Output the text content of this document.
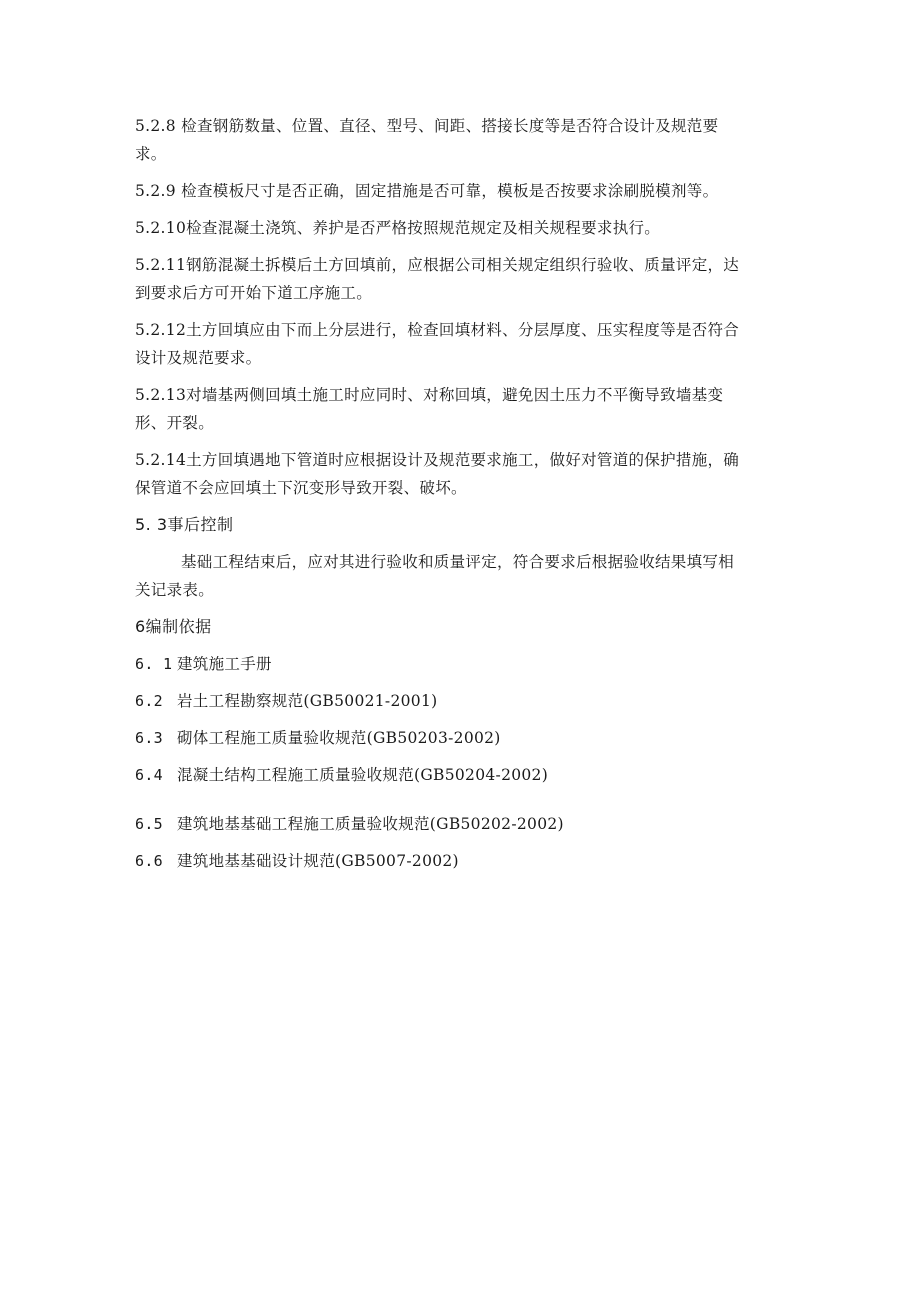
5.2.8 检查钢筋数量、位置、直径、型号、间距、搭接长度等是否符合设计及规范要
求。
5.2.9 检查模板尺寸是否正确，固定措施是否可靠，模板是否按要求涂刷脱模剂等。
5.2.10检查混凝土浇筑、养护是否严格按照规范规定及相关规程要求执行。
5.2.11钢筋混凝土拆模后土方回填前，应根据公司相关规定组织行验收、质量评定，达
到要求后方可开始下道工序施工。
5.2.12土方回填应由下而上分层进行，检查回填材料、分层厚度、压实程度等是否符合
设计及规范要求。
5.2.13对墙基两侧回填土施工时应同时、对称回填，避免因土压力不平衡导致墙基变
形、开裂。
5.2.14土方回填遇地下管道时应根据设计及规范要求施工，做好对管道的保护措施，确
保管道不会应回填土下沉变形导致开裂、破坏。
5. 3事后控制
基础工程结束后，应对其进行验收和质量评定，符合要求后根据验收结果填写相
关记录表。
6编制依据
6. 1 建筑施工手册
6.2 岩土工程勘察规范(GB50021-2001)
6.3 砌体工程施工质量验收规范(GB50203-2002)
6.4 混凝土结构工程施工质量验收规范(GB50204-2002)
6.5 建筑地基基础工程施工质量验收规范(GB50202-2002)
6.6 建筑地基基础设计规范(GB5007-2002)
